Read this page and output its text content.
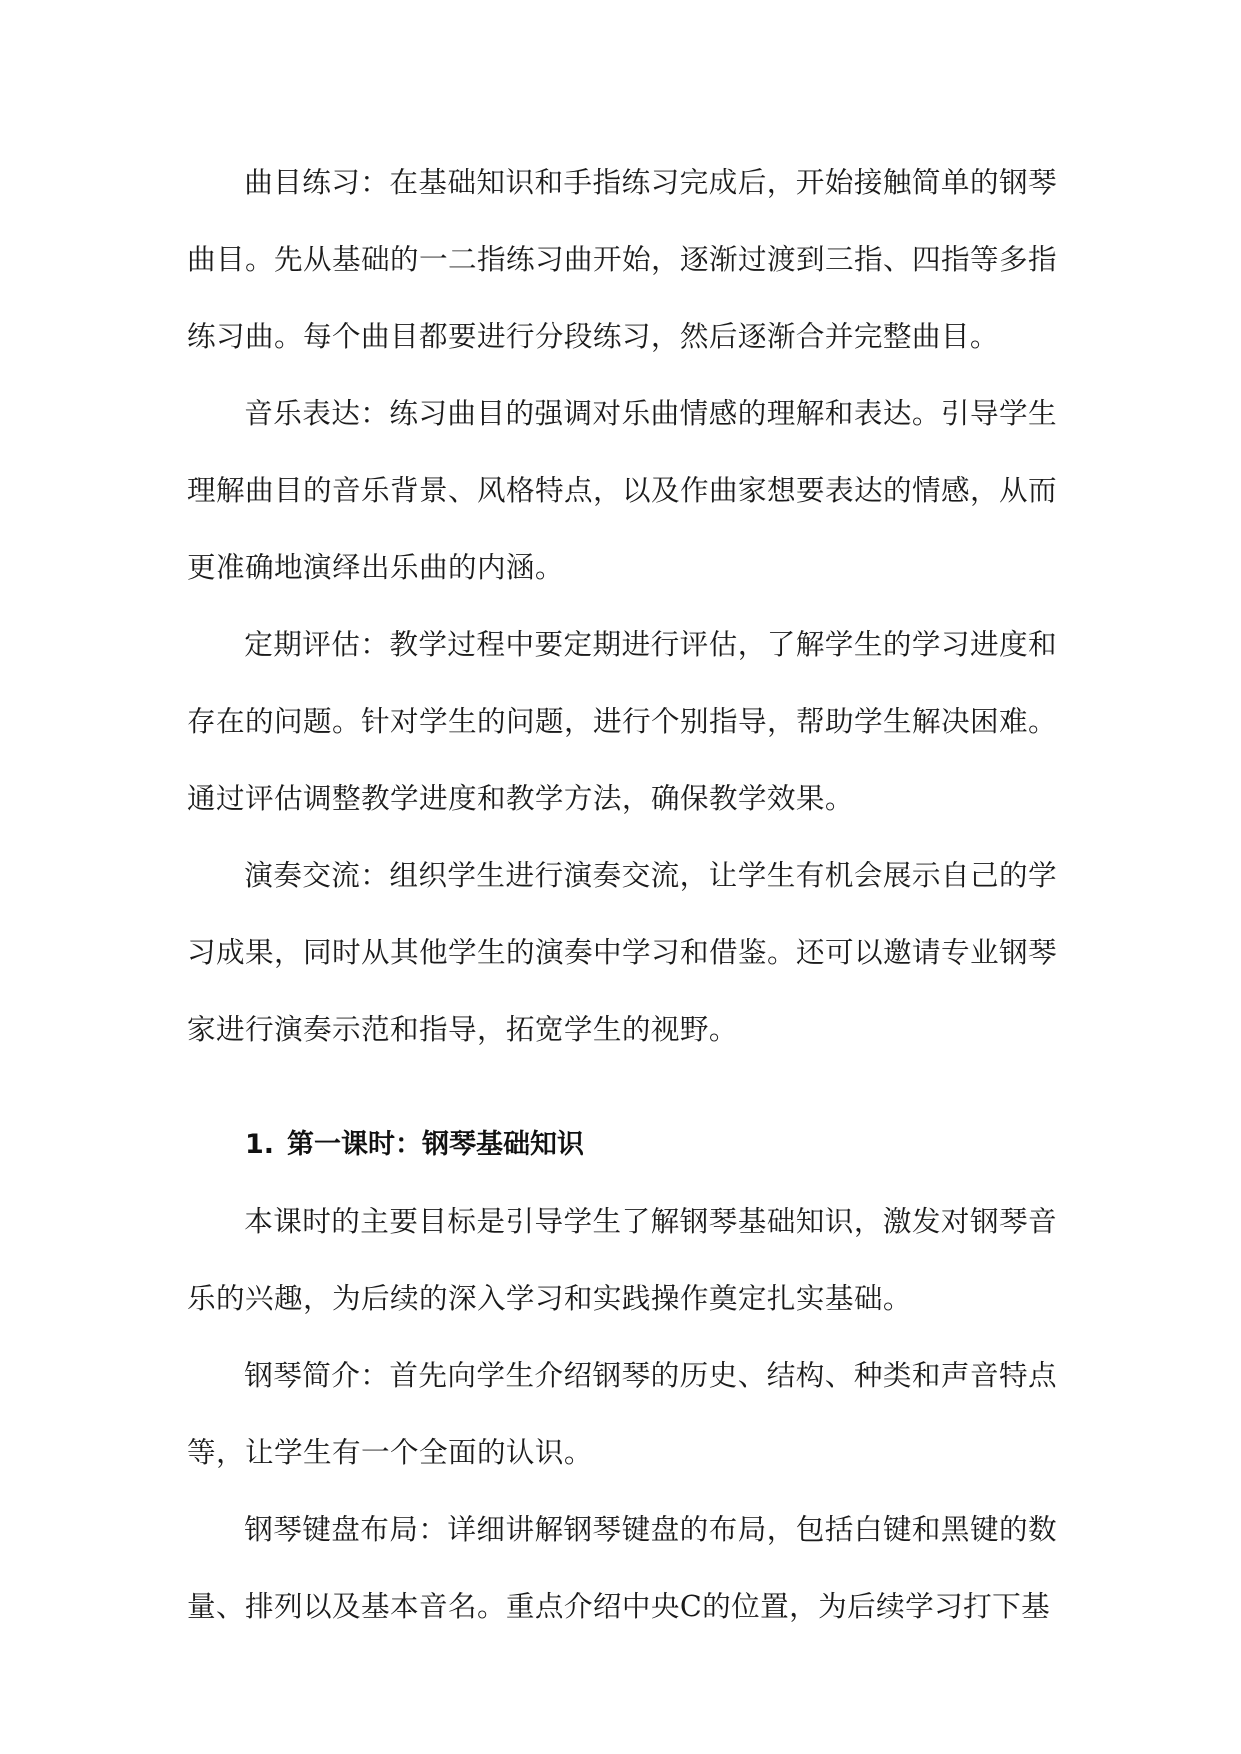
曲目练习：在基础知识和手指练习完成后，开始接触简单的钢琴曲目。先从基础的一二指练习曲开始，逐渐过渡到三指、四指等多指练习曲。每个曲目都要进行分段练习，然后逐渐合并完整曲目。

音乐表达：练习曲目的强调对乐曲情感的理解和表达。引导学生理解曲目的音乐背景、风格特点，以及作曲家想要表达的情感，从而更准确地演绎出乐曲的内涵。

定期评估：教学过程中要定期进行评估，了解学生的学习进度和存在的问题。针对学生的问题，进行个别指导，帮助学生解决困难。通过评估调整教学进度和教学方法，确保教学效果。

演奏交流：组织学生进行演奏交流，让学生有机会展示自己的学习成果，同时从其他学生的演奏中学习和借鉴。还可以邀请专业钢琴家进行演奏示范和指导，拓宽学生的视野。

1. 第一课时：钢琴基础知识

本课时的主要目标是引导学生了解钢琴基础知识，激发对钢琴音乐的兴趣，为后续的深入学习和实践操作奠定扎实基础。

钢琴简介：首先向学生介绍钢琴的历史、结构、种类和声音特点等，让学生有一个全面的认识。

钢琴键盘布局：详细讲解钢琴键盘的布局，包括白键和黑键的数量、排列以及基本音名。重点介绍中央C的位置，为后续学习打下基
